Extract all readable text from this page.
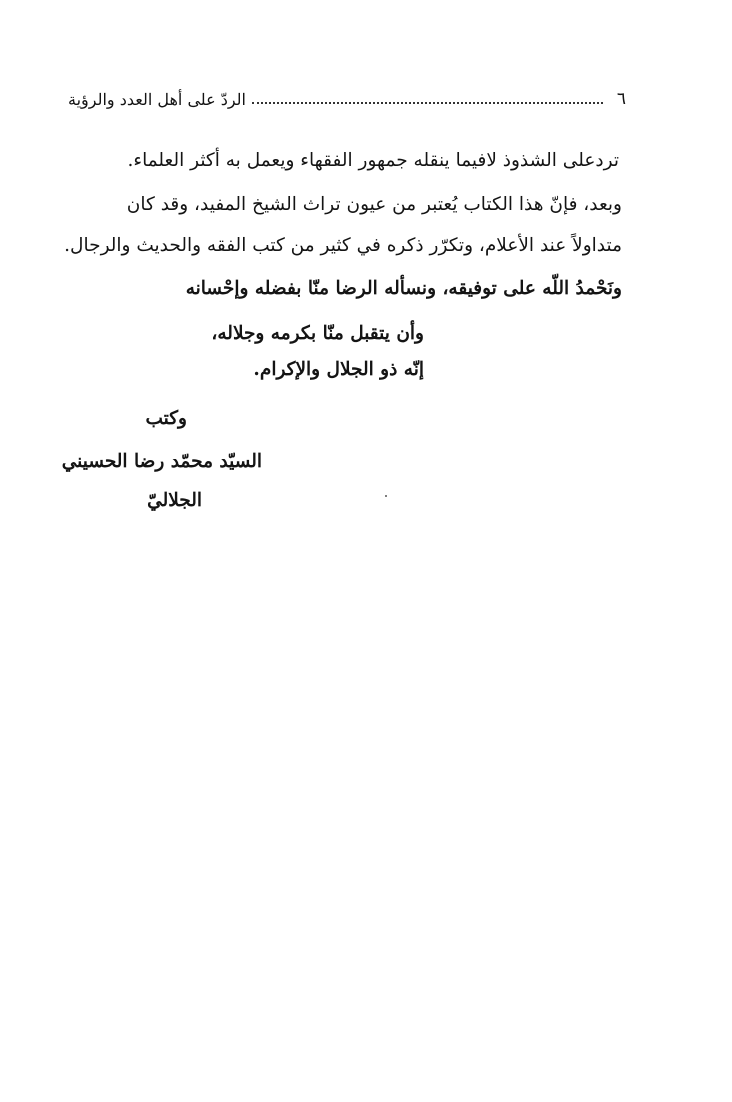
٦
الردّ على أهل العدد والرؤية
تردعلى الشذوذ لافيما ينقله جمهور الفقهاء ويعمل به أكثر العلماء.
وبعد، فإنّ هذا الكتاب يُعتبر من عيون تراث الشيخ المفيد، وقد كان
متداولاً عند الأعلام، وتكرّر ذكره في كثير من كتب الفقه والحديث والرجال.
ونَحْمدُ اللّه على توفيقه، ونسأله الرضا منّا بفضله وإحْسانه
وأن يتقبل منّا بكرمه وجلاله،
إنّه ذو الجلال والإكرام.
وكتب
السيّد محمّد رضا الحسيني
الجلاليّ
